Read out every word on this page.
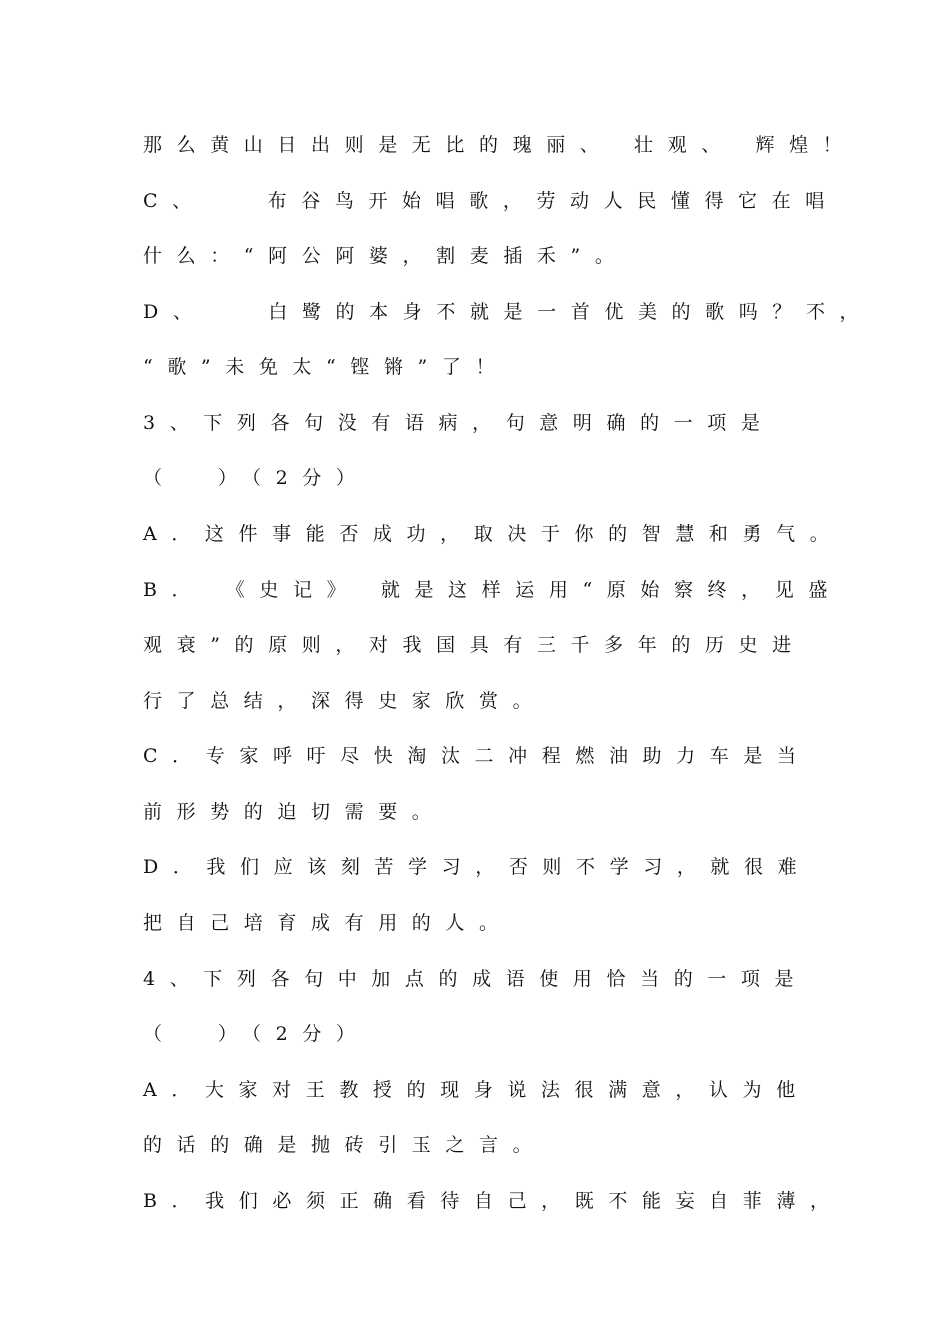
那么黄山日出则是无比的瑰丽、 壮观、 辉煌！
C、   布谷鸟开始唱歌，劳动人民懂得它在唱
什么：“阿公阿婆，割麦插禾”。
D、   白鹭的本身不就是一首优美的歌吗？不，
“歌”未免太“铿锵”了！
3、下列各句没有语病，句意明确的一项是
（  ）（2分）
A．这件事能否成功，取决于你的智慧和勇气。
B． 《史记》 就是这样运用“原始察终，见盛
观衰”的原则，对我国具有三千多年的历史进
行了总结，深得史家欣赏。
C．专家呼吁尽快淘汰二冲程燃油助力车是当
前形势的迫切需要。
D．我们应该刻苦学习，否则不学习，就很难
把自己培育成有用的人。
4、下列各句中加点的成语使用恰当的一项是
（  ）（2分）
A．大家对王教授的现身说法很满意，认为他
的话的确是抛砖引玉之言。
B．我们必须正确看待自己，既不能妄自菲薄，
